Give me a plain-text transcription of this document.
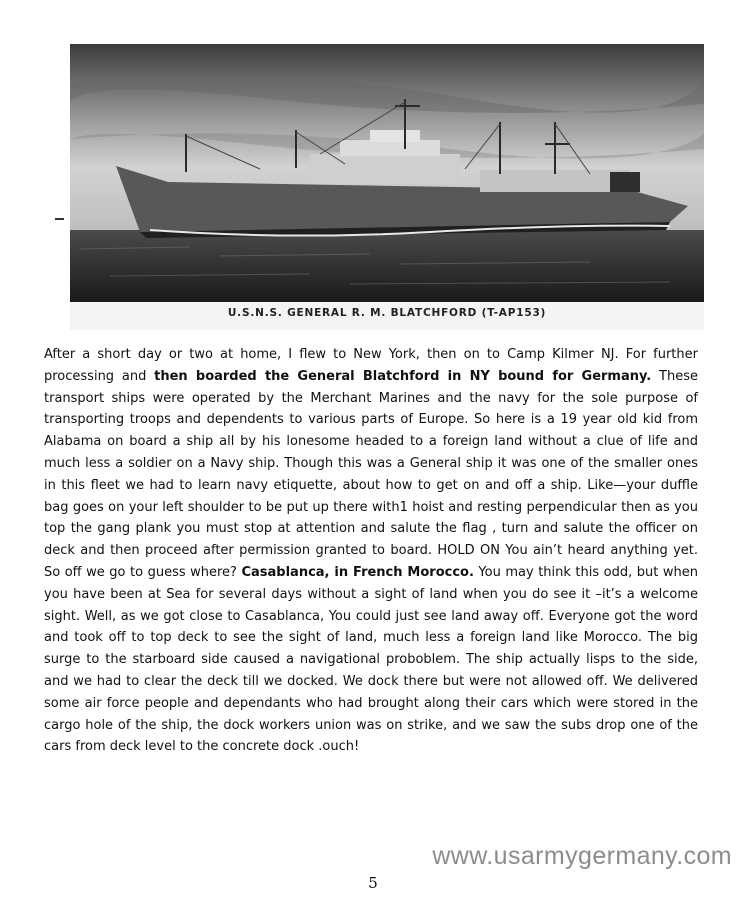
U.S.N.S. GENERAL R. M. BLATCHFORD (T-AP153)
After a short day or two at home, I flew to New York, then on to Camp Kilmer NJ. For further processing and then boarded the General Blatchford in NY bound for Germany. These transport ships were operated by the Merchant Marines and the navy for the sole purpose of transporting troops and dependents to various parts of Europe. So here is a 19 year old kid from Alabama on board a ship all by his lonesome headed to a foreign land without a clue of life and much less a soldier on a Navy ship. Though this was a General ship it was one of the smaller ones in this fleet we had to learn navy etiquette, about how to get on and off a ship. Like—your duffle bag goes on your left shoulder to be put up there with1 hoist and resting perpendicular then as you top the gang plank you must stop at attention and salute the flag , turn and salute the officer on deck and then proceed after permission granted to board. HOLD ON You ain’t heard anything yet. So off we go to guess where? Casablanca, in French Morocco. You may think this odd, but when you have been at Sea for several days without a sight of land when you do see it –it’s a welcome sight. Well, as we got close to Casablanca, You could just see land away off. Everyone got the word and took off to top deck to see the sight of land, much less a foreign land like Morocco. The big surge to the starboard side caused a navigational proboblem. The ship actually lisps to the side, and we had to clear the deck till we docked. We dock there but were not allowed off. We delivered some air force people and dependants who had brought along their cars which were stored in the cargo hole of the ship, the dock workers union was on strike, and we saw the subs drop one of the cars from deck level to the concrete dock .ouch!
www.usarmygermany.com
5
